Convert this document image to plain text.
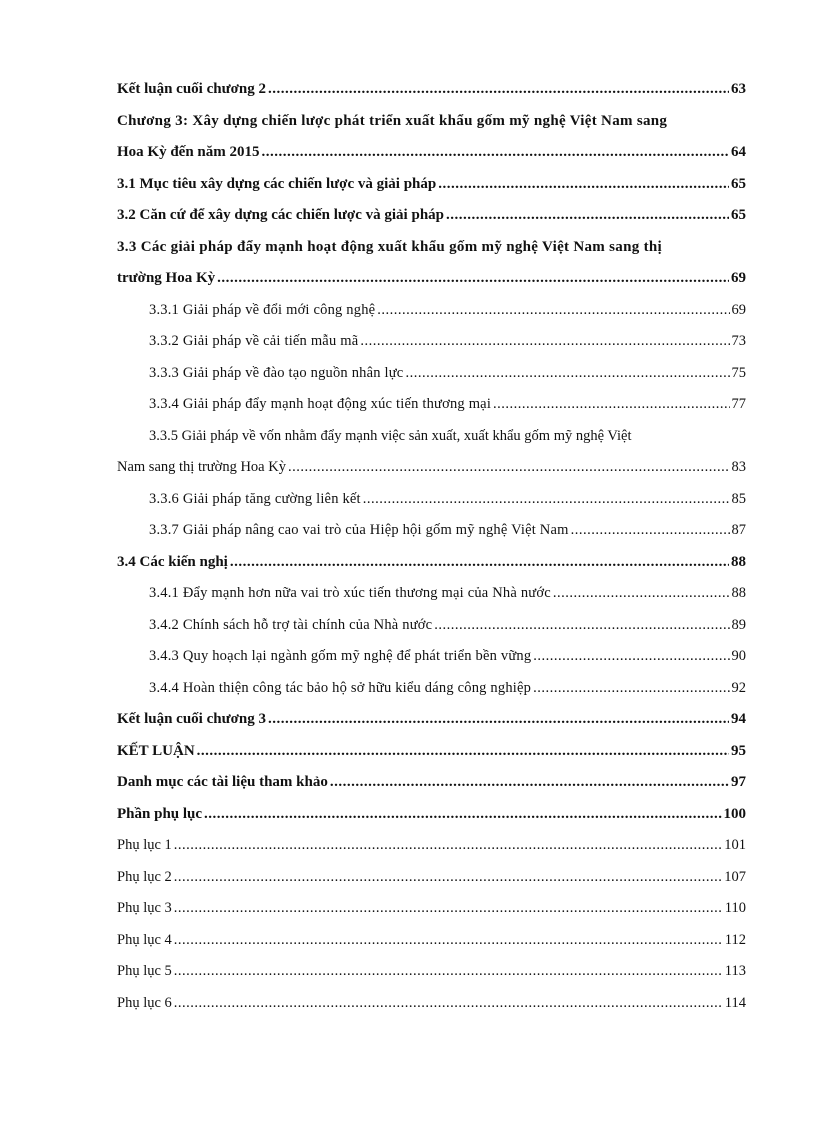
Kết luận cuối chương 2 .....	63
Chương 3: Xây dựng chiến lược phát triển xuất khẩu gốm mỹ nghệ Việt Nam sang
Hoa Kỳ đến năm 2015 .....	64
3.1 Mục tiêu xây dựng các chiến lược và giải pháp .....	65
3.2 Căn cứ để xây dựng các chiến lược và giải pháp .....	65
3.3 Các giải pháp đẩy mạnh hoạt động xuất khẩu gốm mỹ nghệ Việt Nam sang thị
trường Hoa Kỳ .....	69
3.3.1 Giải pháp về đổi mới công nghệ .....	69
3.3.2 Giải pháp về cải tiến mẫu mã .....	73
3.3.3 Giải pháp về đào tạo nguồn nhân lực .....	75
3.3.4 Giải pháp đẩy mạnh hoạt động xúc tiến thương mại .....	77
3.3.5 Giải pháp về vốn nhằm đẩy mạnh việc sản xuất, xuất khẩu gốm mỹ nghệ Việt
Nam sang thị trường Hoa Kỳ .....	83
3.3.6 Giải pháp tăng cường liên kết .....	85
3.3.7 Giải pháp nâng cao vai trò của Hiệp hội gốm mỹ nghệ Việt Nam .....	87
3.4 Các kiến nghị .....	88
3.4.1 Đẩy mạnh hơn nữa vai trò xúc tiến thương mại của Nhà nước .....	88
3.4.2 Chính sách hỗ trợ tài chính của Nhà nước .....	89
3.4.3 Quy hoạch lại ngành gốm mỹ nghệ để phát triển bền vững .....	90
3.4.4 Hoàn thiện công tác bảo hộ sở hữu kiểu dáng công nghiệp .....	92
Kết luận cuối chương 3 .....	94
KẾT LUẬN .....	95
Danh mục các tài liệu tham khảo .....	97
Phần phụ lục .....	100
Phụ lục 1 .....	101
Phụ lục 2 .....	107
Phụ lục 3 .....	110
Phụ lục 4 .....	112
Phụ lục 5 .....	113
Phụ lục 6 .....	114
